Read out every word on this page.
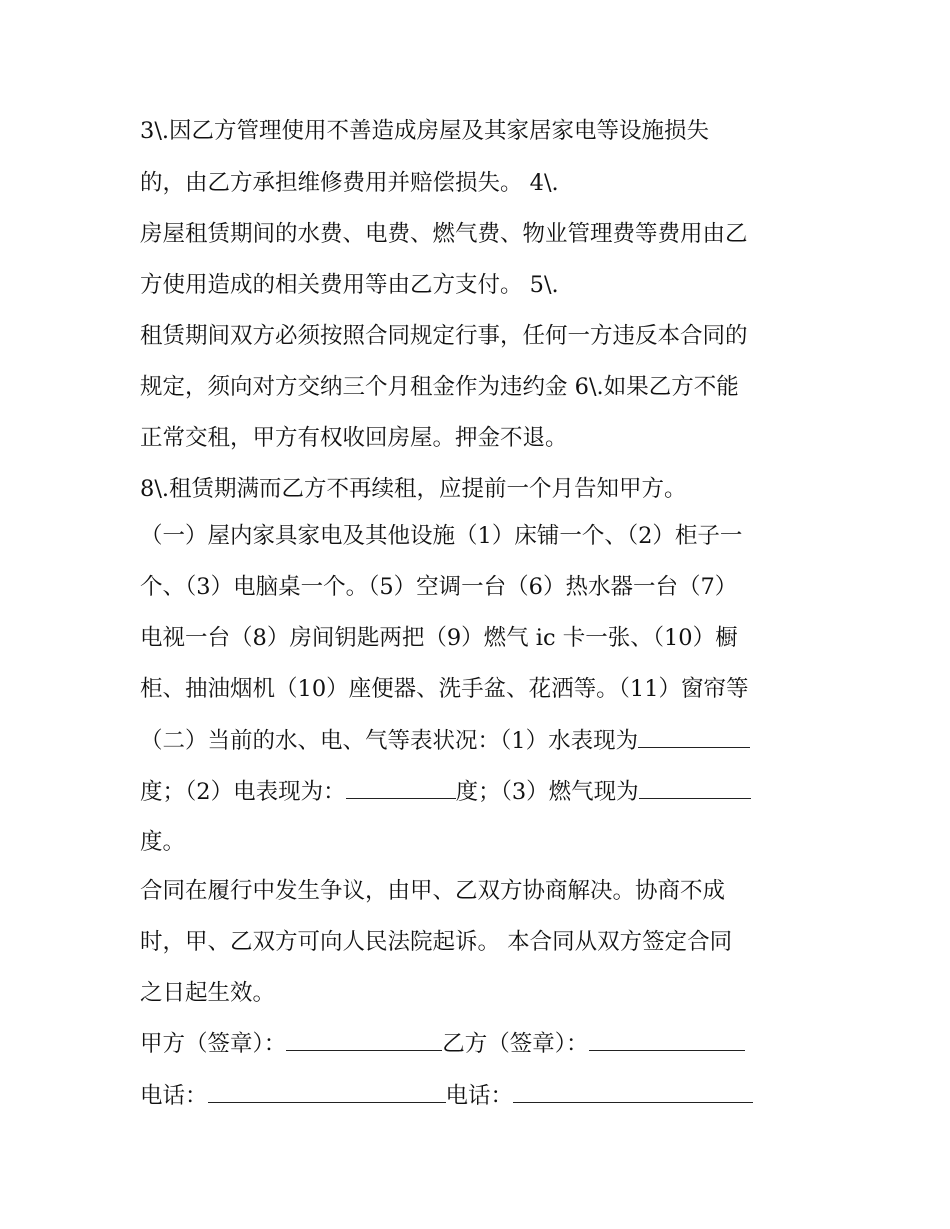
3\.因乙方管理使用不善造成房屋及其家居家电等设施损失

的，由乙方承担维修费用并赔偿损失。 4\.

房屋租赁期间的水费、电费、燃气费、物业管理费等费用由乙

方使用造成的相关费用等由乙方支付。 5\.

租赁期间双方必须按照合同规定行事，任何一方违反本合同的

规定，须向对方交纳三个月租金作为违约金 6\.如果乙方不能

正常交租，甲方有权收回房屋。押金不退。

8\.租赁期满而乙方不再续租，应提前一个月告知甲方。

（一）屋内家具家电及其他设施（1）床铺一个、（2）柜子一

个、（3）电脑桌一个。（5）空调一台（6）热水器一台（7）

电视一台（8）房间钥匙两把（9）燃气 ic 卡一张、（10）橱

柜、抽油烟机（10）座便器、洗手盆、花洒等。（11）窗帘等

（二）当前的水、电、气等表状况：（1）水表现为

度；（2）电表现为：	度；（3）燃气现为

度。

合同在履行中发生争议，由甲、乙双方协商解决。协商不成

时，甲、乙双方可向人民法院起诉。 本合同从双方签定合同

之日起生效。

甲方（签章）：	乙方（签章）：

电话：	电话：
